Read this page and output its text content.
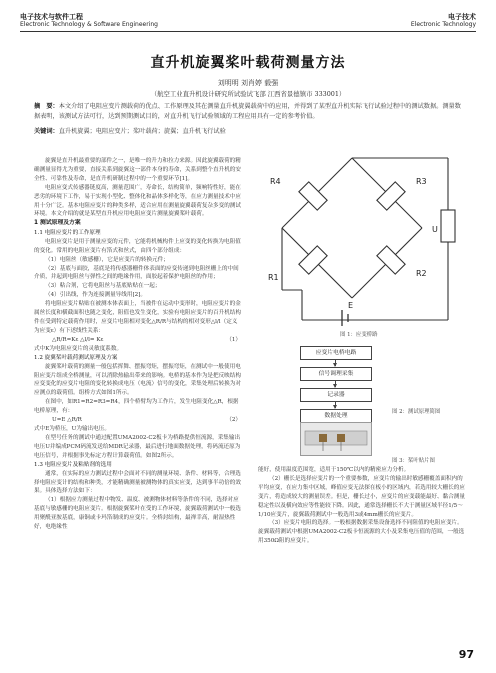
电子技术与软件工程
Electronic Technology & Software Engineering
电子技术
Electronic Technology
直升机旋翼桨叶载荷测量方法
刘明明 刘肖婷 毅强
（航空工业直升机设计研究所试验试飞部 江西省景德镇市 333001）
摘　要：本文介绍了电阻应变片测载荷的优点、工作原理及其在测量直升机旋翼载荷中的应用，并得到了某型直升机实际飞行试验过程中的测试数据。测量数据表明，该测试方法可行，达到预期测试目的，对直升机飞行试验领域的工程应用具有一定的参考价值。
关键词：直升机旋翼；电阻应变片；桨叶载荷；旋翼；直升机飞行试验

旋翼是直升机最重要的部件之一，是唯一的升力和拉力来源。因此旋翼载荷的精确测量显得尤为重要，直接关系到旋翼这一部件本身的寿命，关系到整个直升机的安全性、可靠性及寿命，是直升机研制过程中的一个重要环节[1]。

电阻应变式传感器链度高，测量范围广，寿命长，结构简单，频响特性好，能在恶劣的环境下工作，易于实现小型化、整体化和晶体多样化等，在应力测量技术中应用十分广泛。基本电阻应变片的种类多样，适合应用在测量旋翼载荷复杂多变的测试环境。本文介绍的就是某型直升机应用电阻应变片测量旋翼桨叶载荷。

1 测试原理及方案
1.1 电阻应变片的工作原理

电阻应变片是用于测量应变的元件，它能将机械构件上应变的变化转换为电阻值的变化。常用的电阻应变片有箔式和丝式，由四个部分组成：

（1）电阻丝（敏感栅），它是应变片的转换元件；

（2）基底与面胶，基底是将传感器栅件体表面的应变传递到电阻丝栅上的中间介质，并起到电阻丝与弹性之间的绝缘作用，面胶起着保护电阻丝的作用；

（3）粘合剂，它将电阻丝与基底贴贴在一起；

（4）引出线，作为连接测量导线用[2]。

将电阻应变片粘贴在被测本体表面上，当被件在运动中变形时，电阻应变片的金属丝长度和横截面积也随之变化，阻值也发生变化，实验有电阻应变片的百升机结构件在受到特定载荷作用时，应变片电阻相对变化△R/R与结构的相对变形△l/l（定义为应变ε）有下述线性关系：

△R/R=Kε △l/l= Kε	（1）

式中K为电阻应变片的灵敏度系数。

1.2 旋翼桨叶载荷测试原理及方案

旋翼桨叶载荷的测量一般包括挥舞、摆振弯矩，摆振弯矩，在测试中一般使用电阻应变片组成全桥测量，可以消除热输出带来的影响。电桥的基本作为是把反映结构应变变化的应变片电阻的变化转换成电压（电流）信号的变化，采集处理后转换为对应测点的载荷值。组桥方式如图1所示。

在图中，如R1=R2=R3=R4，四个桥臂均为工作片，发生电阻变化△R，根据电桥原理，有：

U=E △R/R	（2）

式中E为桥压，U为输出电压。

在型号任务的测试中通过配置UMA2002-C2板卡为桥路提供恒流源，采集输出电压U并编成PCM码流发送给MDR记录器，最后进行地面数据处理，将码流还原为电压信号，并根据事先标定方程计算载荷值。如图2所示。

1.3 电阻应变片及粘贴剂的选用

通常，在实际的应力测试过程中会面对不同的测量环境、条件、材料等，合理选择电阻应变计的结构和种类，才能精确测量被测物体的真实应变，达到事半功倍的效果。具体选择方法如下：

（1）根据应力测量过程中物发、温度、被测物体材料等条件的不同，选择对应基底与敏感栅的电阻应变片。根据旋翼桨叶在受的工作环境，旋翼载荷测试中一般选用聚酰亚胺基底，康铜或卡玛箔制成的应变片。全桥封结构，最禅幸高，耐湿热性好，电绝缘性

R4	R3
R1	R2
U
E
图 1：应变桥路
应变片电桥电路
信号调理采集
记录器
数据处理
图 2：测试原理简图
图 3：桨叶贴片图

能好，使用温度范围宽，适用于150℃以内的精密应力分析。

（2）栅长是选择应变片的一个重要参数，应变片的输出时敏感栅覆盖面积内的平均应变，在应力集中区域，峰值应变无法探在板小的区域内，若选用较大栅长的应变片，将造成较大的测量误差。但是，栅长过小，应变片的应变载能最好、黏合测量稳定性以及横向效应等性能较下降。因此，通常选择栅长不大于测量区域半径1/5～1/10应变片，旋翼载荷测试中一般选用3或4mm栅长的应变片。

（3）应变片电阻的选择。一般根据数据采集设备选择不同阻值的电阻应变片。旋翼载荷测试中根据UMA2002-C2板卡恒流源的大小及采集电压值的范围，一般选用350Ω阻的应变片。

97
